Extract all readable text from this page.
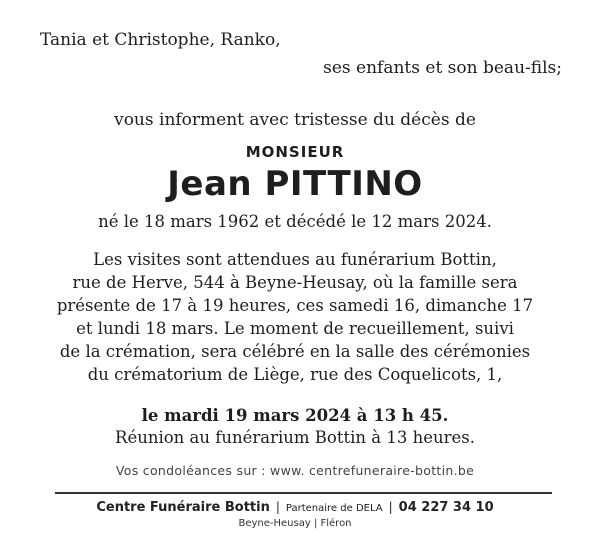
Tania et Christophe, Ranko,
ses enfants et son beau-fils;
vous informent avec tristesse du décès de
MONSIEUR
Jean PITTINO
né le 18 mars 1962 et décédé le 12 mars 2024.
Les visites sont attendues au funérarium Bottin,
rue de Herve, 544 à Beyne-Heusay, où la famille sera
présente de 17 à 19 heures, ces samedi 16, dimanche 17
et lundi 18 mars. Le moment de recueillement, suivi
de la crémation, sera célébré en la salle des cérémonies
du crématorium de Liège, rue des Coquelicots, 1,
le mardi 19 mars 2024 à 13 h 45.
Réunion au funérarium Bottin à 13 heures.
Vos condoléances sur : www. centrefuneraire-bottin.be
Centre Funéraire Bottin | Partenaire de DELA | 04 227 34 10
Beyne-Heusay | Fléron
